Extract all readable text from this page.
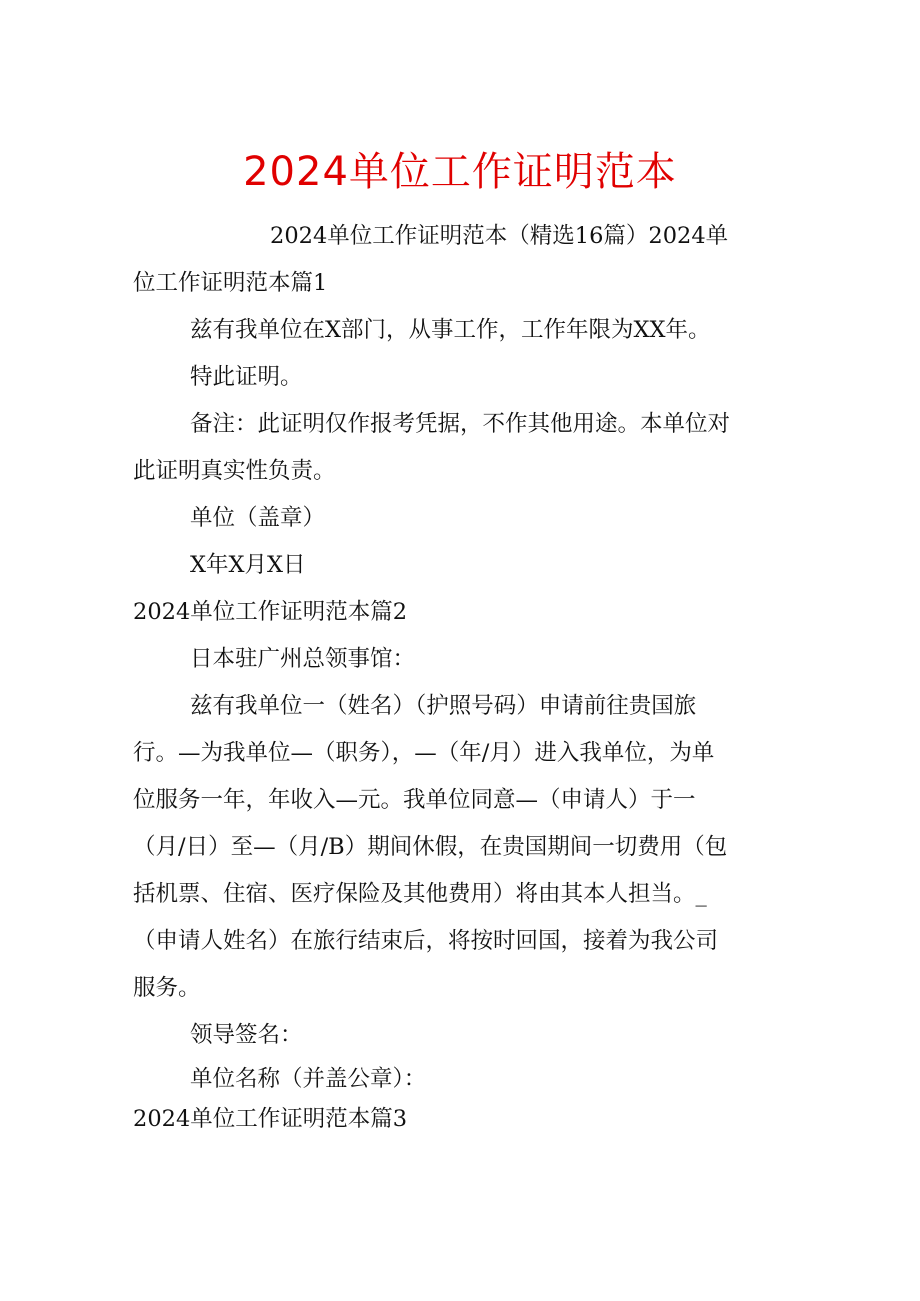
2024单位工作证明范本

2024单位工作证明范本（精选16篇）2024单

位工作证明范本篇1

兹有我单位在X部门，从事工作，工作年限为XX年。

特此证明。

备注：此证明仅作报考凭据，不作其他用途。本单位对

此证明真实性负责。

单位（盖章）

X年X月X日

2024单位工作证明范本篇2

日本驻广州总领事馆：

兹有我单位一（姓名）（护照号码）申请前往贵国旅

行。—为我单位—（职务），—（年/月）进入我单位，为单

位服务一年，年收入—元。我单位同意—（申请人）于一

（月/日）至—（月/B）期间休假，在贵国期间一切费用（包

括机票、住宿、医疗保险及其他费用）将由其本人担当。_

（申请人姓名）在旅行结束后，将按时回国，接着为我公司

服务。

领导签名：

单位名称（并盖公章）：

2024单位工作证明范本篇3
